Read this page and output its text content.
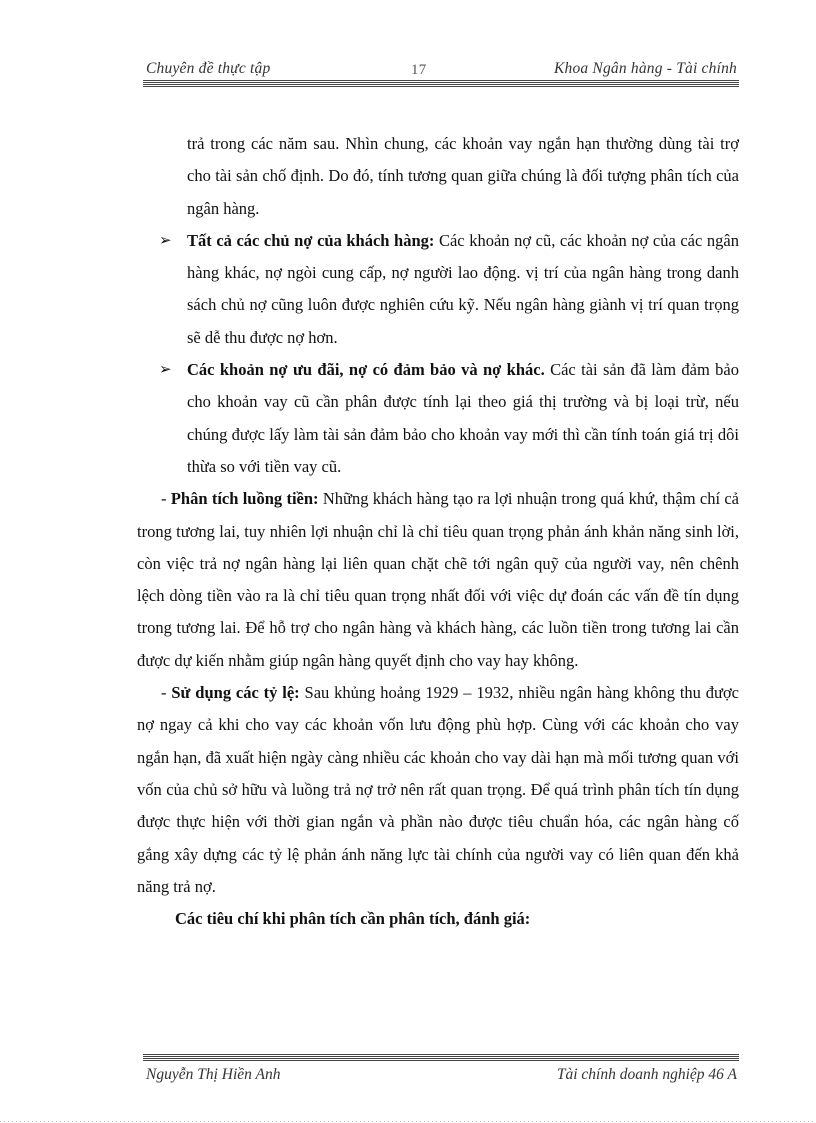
Chuyên đề thực tập	17	Khoa Ngân hàng - Tài chính

trả trong các năm sau. Nhìn chung, các khoản vay ngắn hạn thường dùng tài trợ cho tài sản chố định. Do đó, tính tương quan giữa chúng là đối tượng phân tích của ngân hàng.

➢ Tất cả các chủ nợ của khách hàng: Các khoản nợ cũ, các khoản nợ của các ngân hàng khác, nợ ngòi cung cấp, nợ người lao động. vị trí của ngân hàng trong danh sách chủ nợ cũng luôn được nghiên cứu kỹ. Nếu ngân hàng giành vị trí quan trọng sẽ dễ thu được nợ hơn.

➢ Các khoản nợ ưu đãi, nợ có đảm bảo và nợ khác. Các tài sản đã làm đảm bảo cho khoản vay cũ cần phân được tính lại theo giá thị trường và bị loại trừ, nếu chúng được lấy làm tài sản đảm bảo cho khoản vay mới thì cần tính toán giá trị dôi thừa so với tiền vay cũ.

- Phân tích luồng tiền: Những khách hàng tạo ra lợi nhuận trong quá khứ, thậm chí cả trong tương lai, tuy nhiên lợi nhuận chỉ là chỉ tiêu quan trọng phản ánh khản năng sinh lời, còn việc trả nợ ngân hàng lại liên quan chặt chẽ tới ngân quỹ của người vay, nên chênh lệch dòng tiền vào ra là chỉ tiêu quan trọng nhất đối với việc dự đoán các vấn đề tín dụng trong tương lai. Để hỗ trợ cho ngân hàng và khách hàng, các luồn tiền trong tương lai cần được dự kiến nhằm giúp ngân hàng quyết định cho vay hay không.

- Sử dụng các tỷ lệ: Sau khủng hoảng 1929 – 1932, nhiều ngân hàng không thu được nợ ngay cả khi cho vay các khoản vốn lưu động phù hợp. Cùng với các khoản cho vay ngắn hạn, đã xuất hiện ngày càng nhiều các khoản cho vay dài hạn mà mối tương quan với vốn của chủ sở hữu và luồng trả nợ trở nên rất quan trọng. Để quá trình phân tích tín dụng được thực hiện với thời gian ngắn và phần nào được tiêu chuẩn hóa, các ngân hàng cố gắng xây dựng các tỷ lệ phản ánh năng lực tài chính của người vay có liên quan đến khả năng trả nợ.

Các tiêu chí khi phân tích cần phân tích, đánh giá:

Nguyễn Thị Hiền Anh	Tài chính doanh nghiệp 46 A
